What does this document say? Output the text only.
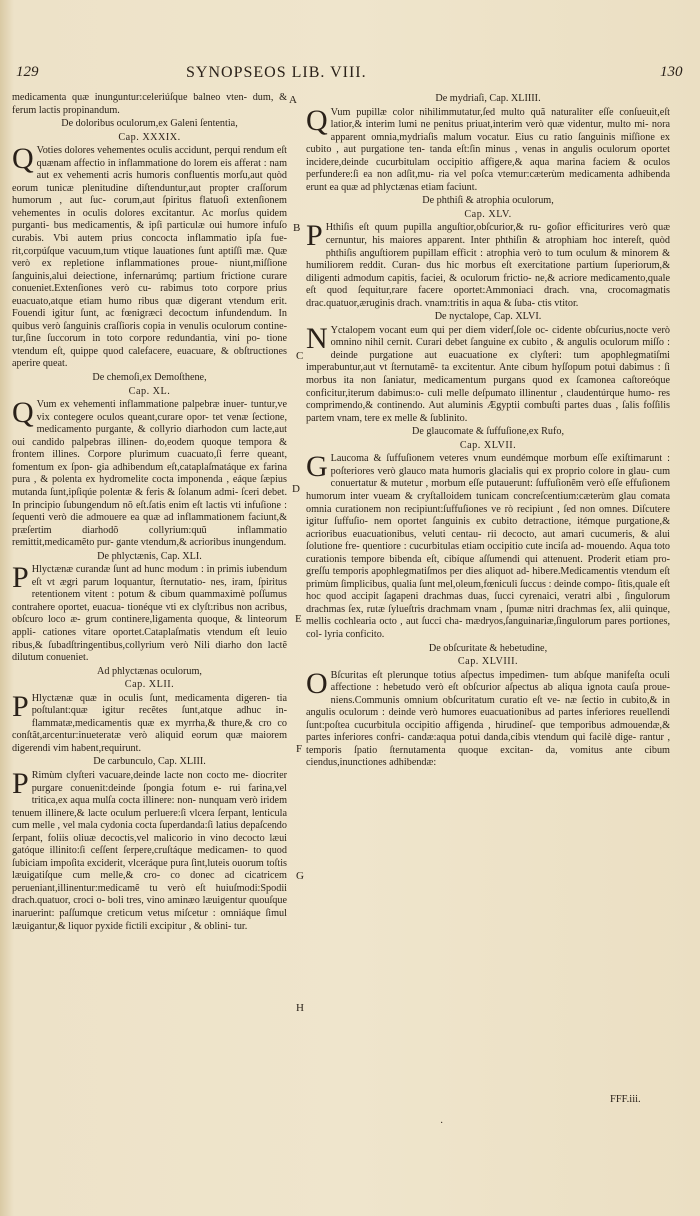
129	SYNOPSEOS LIB. VIII.	130

medicamenta quæ inunguntur:celeriúſque balneo vten- dum, & ferum lactis propinandum.

De doloribus oculorum,ex Galeni ſententia,

Cap. XXXIX.

Q Voties dolores vehementes oculis accidunt, perqui rendum eſt quænam affectio in inflammatione do lorem eis afferat : nam aut ex vehementi acris humoris confluentis morſu,aut quòd eorum tunicæ plenitudine diſtenduntur,aut propter craſſorum humorum , aut ſuc- corum,aut ſpiritus flatuoſi extenſionem vehementes in oculis dolores excitantur. Ac morſus quidem purganti- bus medicamentis, & ipſi particulæ oui humore infuſo curabis. Vbi autem prius concocta inflammatio ipſa fue- rit,corpúſque vacuum,tum vtique lauationes ſunt aptiſſi mæ. Quæ verò ex repletione inflammationes proue- niunt,miſſione ſanguinis,alui deiectione, infernarúmq; partium frictione curare conueniet.Extenſiones verò cu- rabimus toto corpore prius euacuato,atque etiam humo ribus quæ digerant vtendum erit. Fouendi igitur ſunt, ac fœnigræci decoctum infundendum. In quibus verò ſanguinis craſſioris copia in venulis oculorum contine- tur,ſine ſuccorum in toto corpore redundantia, vini po- tione vtendum eſt, quippe quod calefacere, euacuare, & obſtructiones aperire queat.

De chemoſi,ex Demoſthene,

Cap. XL.

Q Vum ex vehementi inflammatione palpebræ inuer- tuntur,ve vix contegere oculos queant,curare opor- tet venæ ſectione, medicamento purgante, & collyrio diarhodon cum lacte,aut oui candido palpebras illinen- do,eodem quoque tempora & frontem illines. Corpore plurimum cuacuato,ſi ferre queant, fomentum ex ſpon- gia adhibendum eſt,cataplaſmatáque ex farina pura , & polenta ex hydromelite cocta imponenda , eáque ſæpius mutanda ſunt,ipſiqúe polentæ & feris & ſolanum admi- ſceri debet. In principio ſubungendum nõ eſt.ſatis enim eſt lactis vti infuſione : ſequenti verò die admouere ea quæ ad inflammationem faciunt,& præſertim diarhodõ collyrium:quũ inflammatio remittit,medicamẽto pur- gante vtendum,& acrioribus inungendum.

De phlyctænis, Cap. XLI.

P Hlyctænæ curandæ ſunt ad hunc modum : in primis iubendum eſt vt ægri parum loquantur, ſternutatio- nes, iram, ſpiritus retentionem vitent : potum & cibum quammaximè poſſumus contrahere oportet, euacua- tionéque vti ex clyſt:ribus non acribus, obſcuro loco æ- grum continere,ligamenta quoque, & linteorum appli- cationes vitare oportet.Cataplaſmatis vtendum eſt leuio ribus,& ſubadſtringentibus,collyrium verò Nili diarho don lactẽ dilutum conueniet.

Ad phlyctænas oculorum,

Cap. XLII.

P Hlyctænæ quæ in oculis ſunt, medicamenta digeren- tia poſtulant:quæ igitur recẽtes ſunt,atque adhuc in- flammatæ,medicamentis quæ ex myrrha,& thure,& cro co conſtãt,arcentur:inueteratæ verò aliquid eorum quæ maiorem digerendi vim habent,requirunt.

De carbunculo, Cap. XLIII.

P Rimùm clyſteri vacuare,deinde lacte non cocto me- diocriter purgare conuenit:deinde ſpongia fotum e- rui farina,vel tritica,ex aqua mulſa cocta illinere: non- nunquam verò iridem tenuem illinere,& lacte oculum perluere:ſi vlcera ſerpant, lenticula cum melle , vel mala cydonia cocta ſuperdanda:ſi latius depaſcendo ſerpant, foliis oliuæ decoctis,vel malicorio in vino decocto læui gatóque illinito:ſi ceſſent ſerpere,cruſtáque medicamen- to quod ſubiciam impoſita exciderit, vlceráque pura ſint,luteis ouorum toſtis læuigatiſque cum melle,& cro- co donec ad cicatricem perueniant,illinentur:medicamẽ tu verò eſt huiuſmodi:Spodii drach.quatuor, croci o- boli tres, vino aminæo læuigentur quouſque inaruerint: paſſumque creticum vetus miſcetur : omniáque ſimul læuigantur,& liquor pyxide fictili excipitur , & oblini- tur.

De mydriaſi, Cap. XLIIII.

Q Vum pupillæ color nihilimmutatur,ſed multo quã naturaliter eſſe conſueuit,eſt latior,& interim lumi ne penitus priuat,interim verò quæ videntur, multo mi- nora apparent omnia,mydriaſis malum vocatur. Eius cu ratio ſanguinis miſſione ex cubito , aut purgatione ten- tanda eſt:ſin minus , venas in angulis oculorum oportet incidere,deinde cucurbitulam occipitio affigere,& aqua marina faciem & oculos perfundere:ſi ea non adſit,mu- ria vel poſca vtemur:cæterùm medicamenta adhibenda erunt ea quæ ad phlyctænas etiam faciunt.

De phthiſi & atrophia oculorum,

Cap. XLV.

P Hthiſis eſt quum pupilla anguſtior,obſcurior,& ru- goſior efficiturires verò quæ cernuntur, his maiores apparent. Inter phthiſin & atrophiam hoc intereſt, quòd phthiſis anguſtiorem pupillam efficit : atrophia verò to tum oculum & minorem & humiliorem reddit. Curan- dus hic morbus eſt exercitatione partium ſuperiorum,& diligenti admodum capitis, faciei, & oculorum frictio- ne,& acriore medicamento,quale eſt quod ſequitur,rare facere oportet:Ammoniaci drach. vna, crocomagmatis drac.quatuor,æruginis drach. vnam:tritis in aqua & ſuba- ctis vtitor.

De nyctalope, Cap. XLVI.

N Yctalopem vocant eum qui per diem viderſ,ſole oc- cidente obſcurius,nocte verò omnino nihil cernit. Curari debet ſanguine ex cubito , & angulis oculorum miſſo : deinde purgatione aut euacuatione ex clyſteri: tum apophlegmatiſmi imperabuntur,aut vt ſternutamẽ- ta excitentur. Ante cibum hyſſopum potui dabimus : ſi morbus ita non ſaniatur, medicamentum purgans quod ex ſcamonea caſtoreóque conficitur,iterum dabimus:o- culi melle deſpumato illinentur , claudentúrque humo- res comprimendo,& continendo. Aut aluminis Ægyptii combuſti partes duas , ſalis foſſilis partem vnam, tere ex melle & ſublinito.

De glaucomate & ſuffuſione,ex Rufo,

Cap. XLVII.

G Laucoma & ſuffuſionem veteres vnum eundémque morbum eſſe exiſtimarunt : poſteriores verò glauco mata humoris glacialis qui ex proprio colore in glau- cum conuertatur & mutetur , morbum eſſe putauerunt: ſuffuſionẽm verò eſſe effuſionem humorum inter vueam & cryſtalloidem tunicam concreſcentium:cæterùm glau comata omnia curationem non recipiunt:ſuffuſiones ve rò recipiunt , ſed non omnes. Diſcutere igitur ſuffuſio- nem oportet ſanguinis ex cubito detractione, itémque purgatione,& acrioribus euacuationibus, veluti centau- rii decocto, aut amari cucumeris, & alui ſolutione fre- quentiore : cucurbitulas etiam occipitio cute inciſa ad- mouendo. Aqua toto curationis tempore bibenda eſt, cibíque aſſumendi qui attenuent. Proderit etiam pro- greſſu temporis apophlegmatiſmos per dies aliquot ad- hibere.Medicamentis vtendum eſt primùm ſimplicibus, qualia ſunt mel,oleum,fœniculi ſuccus : deinde compo- ſitis,quale eſt hoc quod accipit ſagapeni drachmas duas, ſucci cyrenaici, veratri albi , ſingulorum drachmas ſex, rutæ ſylueſtris drachmam vnam , ſpumæ nitri drachmas ſex, alii quinque, mellis cochlearia octo , aut ſucci cha- mædryos,ſanguinariæ,ſingulorum pares portiones, col- lyria conficito.

De obſcuritate & hebetudine,

Cap. XLVIII.

O Bſcuritas eſt plerunque totius aſpectus impedimen- tum abſque manifeſta oculi affectione : hebetudo verò eſt obſcurior aſpectus ab aliqua ignota cauſa proue- niens.Communis omnium obſcuritatum curatio eſt ve- næ ſectio in cubito,& in angulis oculorum : deinde verò humores euacuationibus ad partes inferiores reuellendi ſunt:poſtea cucurbitula occipitio affigenda , hirudineſ- que temporibus admouendæ,& partes inferiores confri- candæ:aqua potui danda,cibis vtendum qui facilè dige- rantur , temporis ſpatio ſternutamenta quoque excitan- da, vomitus ante cibum ciendus,inunctiones adhibendæ:

A
B
C
D
E
F
G
H
FFF.iii.
·
